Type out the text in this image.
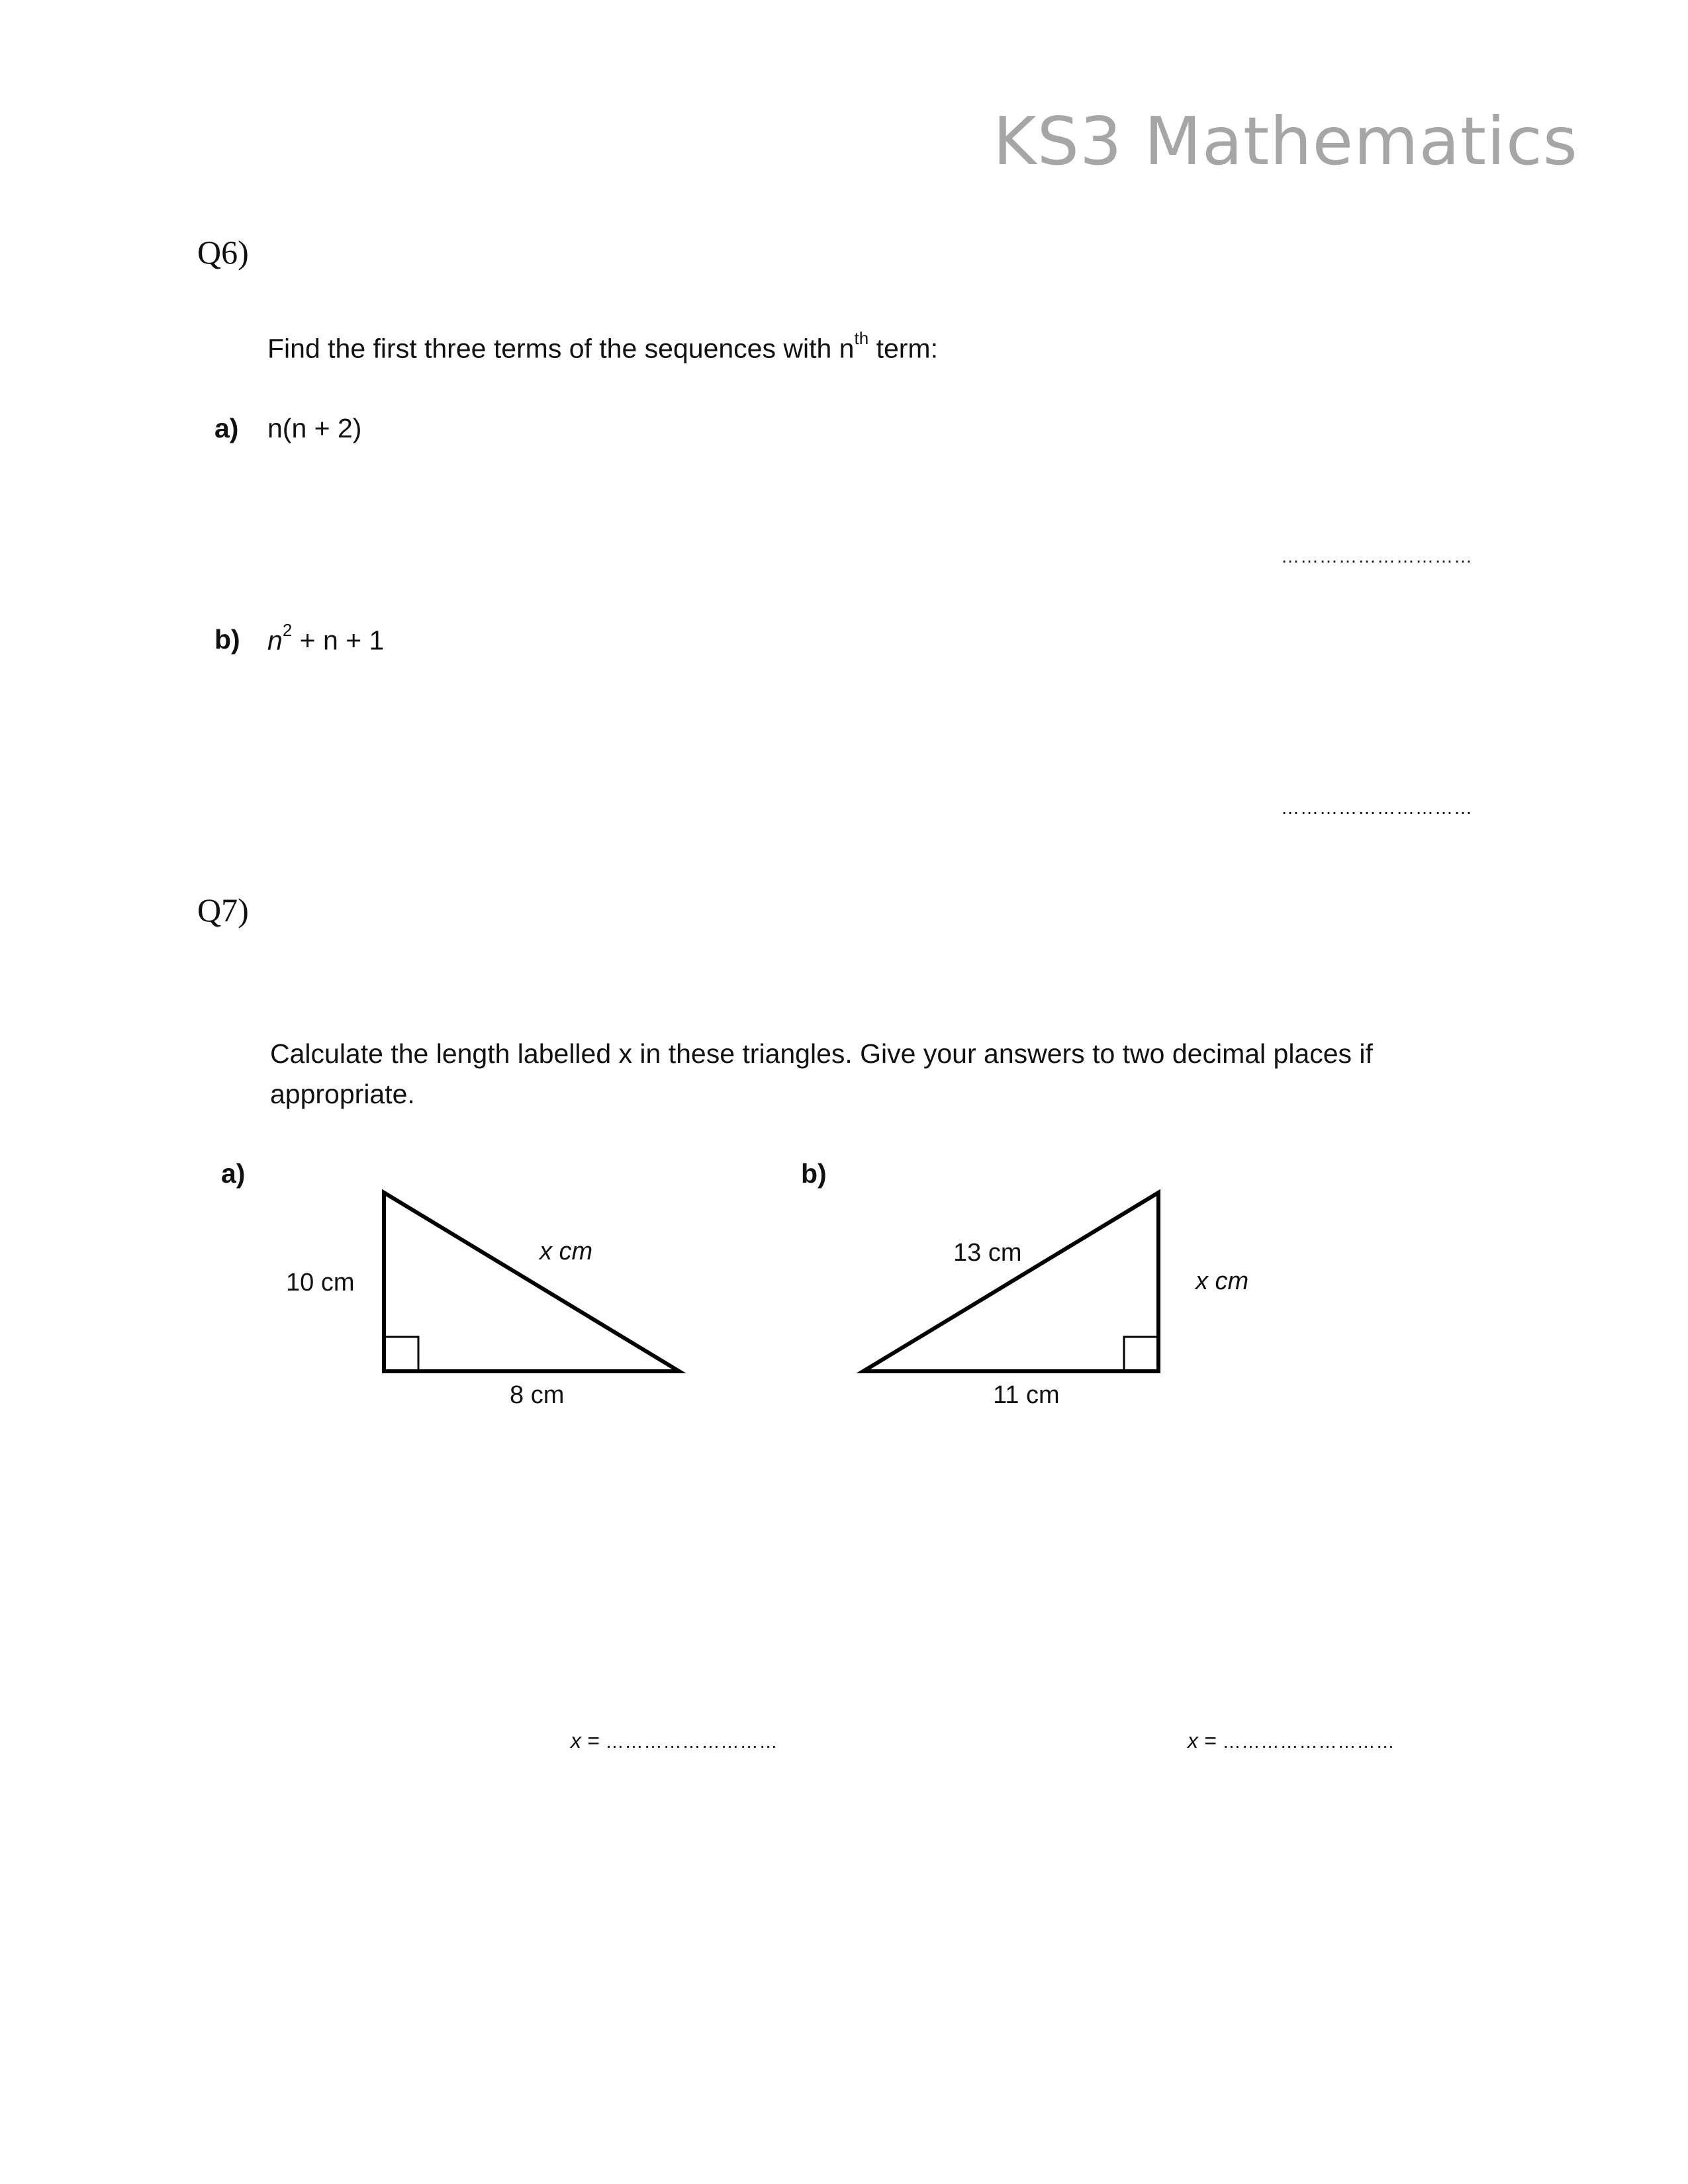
KS3 Mathematics
Q6)
Find the first three terms of the sequences with $n^{th}$ term:
a) n(n + 2)
…………………………
b) $n^2 + n + 1$
…………………………
Q7)
Calculate the length labelled x in these triangles. Give your answers to two decimal places if
appropriate.
a)	b)
10 cm
x cm
8 cm
13 cm
x cm
11 cm
x = ………………………	x = ………………………
